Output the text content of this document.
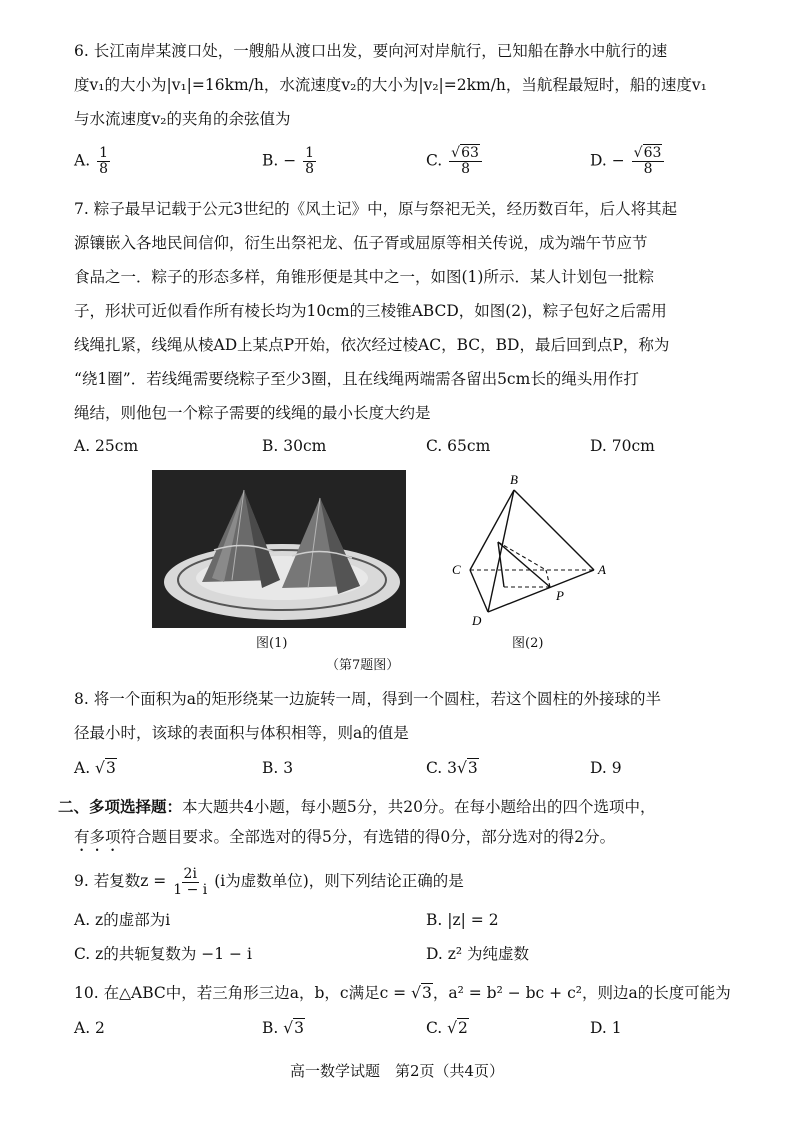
6. 长江南岸某渡口处，一艘船从渡口出发，要向河对岸航行，已知船在静水中航行的速
度v₁的大小为|v₁|=16km/h，水流速度v₂的大小为|v₂|=2km/h，当航程最短时，船的速度v₁
与水流速度v₂的夹角的余弦值为
A. $\frac{1}{8}$	B. − $\frac{1}{8}$	C. $\frac{√63}{8}$	D. − $\frac{√63}{8}$
7. 粽子最早记载于公元3世纪的《风土记》中，原与祭祀无关，经历数百年，后人将其起
源镶嵌入各地民间信仰，衍生出祭祀龙、伍子胥或屈原等相关传说，成为端午节应节
食品之一．粽子的形态多样，角锥形便是其中之一，如图(1)所示．某人计划包一批粽
子，形状可近似看作所有棱长均为10cm的三棱锥ABCD，如图(2)，粽子包好之后需用
线绳扎紧，线绳从棱AD上某点P开始，依次经过棱AC，BC，BD，最后回到点P，称为
“绕1圈”．若线绳需要绕粽子至少3圈，且在线绳两端需各留出5cm长的绳头用作打
绳结，则他包一个粽子需要的线绳的最小长度大约是
A. 25cm	B. 30cm	C. 65cm	D. 70cm
B
C	A
D
P
图(1)	图(2)
（第7题图）
8. 将一个面积为a的矩形绕某一边旋转一周，得到一个圆柱，若这个圆柱的外接球的半
径最小时，该球的表面积与体积相等，则a的值是
A. √3	B. 3	C. 3√3	D. 9
二、多项选择题：本大题共4小题，每小题5分，共20分。在每小题给出的四个选项中，
有多项符合题目要求。全部选对的得5分，有选错的得0分，部分选对的得2分。
9. 若复数$z = \frac{2i}{1 - i} (i$为虚数单位)，则下列结论正确的是
A. z的虚部为i	B. |z| = 2
C. z的共轭复数为 −1 − i	D. z² 为纯虚数
10. 在△ABC中，若三角形三边a，b，c满足c = √3，a² = b² − bc + c²，则边a的长度可能为
A. 2	B. √3	C. √2	D. 1
高一数学试题　第2页（共4页）
